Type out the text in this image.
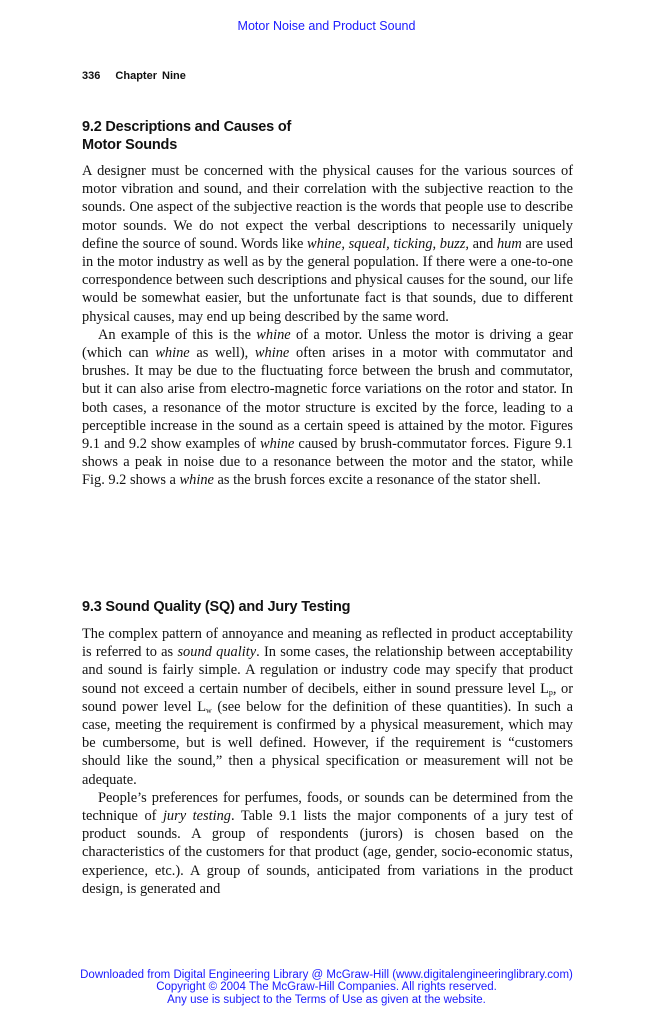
Motor Noise and Product Sound
336 Chapter Nine
9.2 Descriptions and Causes of
Motor Sounds

A designer must be concerned with the physical causes for the various sources of motor vibration and sound, and their correlation with the subjective reaction to the sounds. One aspect of the subjective reaction is the words that people use to describe motor sounds. We do not expect the verbal descriptions to necessarily uniquely define the source of sound. Words like whine, squeal, ticking, buzz, and hum are used in the motor industry as well as by the general population. If there were a one-to-one correspondence between such descriptions and physical causes for the sound, our life would be somewhat easier, but the unfortunate fact is that sounds, due to different physical causes, may end up being described by the same word.

An example of this is the whine of a motor. Unless the motor is driving a gear (which can whine as well), whine often arises in a motor with commutator and brushes. It may be due to the fluctuating force between the brush and commutator, but it can also arise from electro-magnetic force variations on the rotor and stator. In both cases, a resonance of the motor structure is excited by the force, leading to a perceptible increase in the sound as a certain speed is attained by the motor. Figures 9.1 and 9.2 show examples of whine caused by brush-commutator forces. Figure 9.1 shows a peak in noise due to a resonance between the motor and the stator, while Fig. 9.2 shows a whine as the brush forces excite a resonance of the stator shell.

9.3 Sound Quality (SQ) and Jury Testing

The complex pattern of annoyance and meaning as reflected in product acceptability is referred to as sound quality. In some cases, the relationship between acceptability and sound is fairly simple. A regulation or industry code may specify that product sound not exceed a certain number of decibels, either in sound pressure level $L_p$, or sound power level $L_w$ (see below for the definition of these quantities). In such a case, meeting the requirement is confirmed by a physical measurement, which may be cumbersome, but is well defined. However, if the requirement is “customers should like the sound,” then a physical specification or measurement will not be adequate.

People’s preferences for perfumes, foods, or sounds can be determined from the technique of jury testing. Table 9.1 lists the major components of a jury test of product sounds. A group of respondents (jurors) is chosen based on the characteristics of the customers for that product (age, gender, socio-economic status, experience, etc.). A group of sounds, anticipated from variations in the product design, is generated and

Downloaded from Digital Engineering Library @ McGraw-Hill (www.digitalengineeringlibrary.com)
Copyright © 2004 The McGraw-Hill Companies. All rights reserved.
Any use is subject to the Terms of Use as given at the website.
